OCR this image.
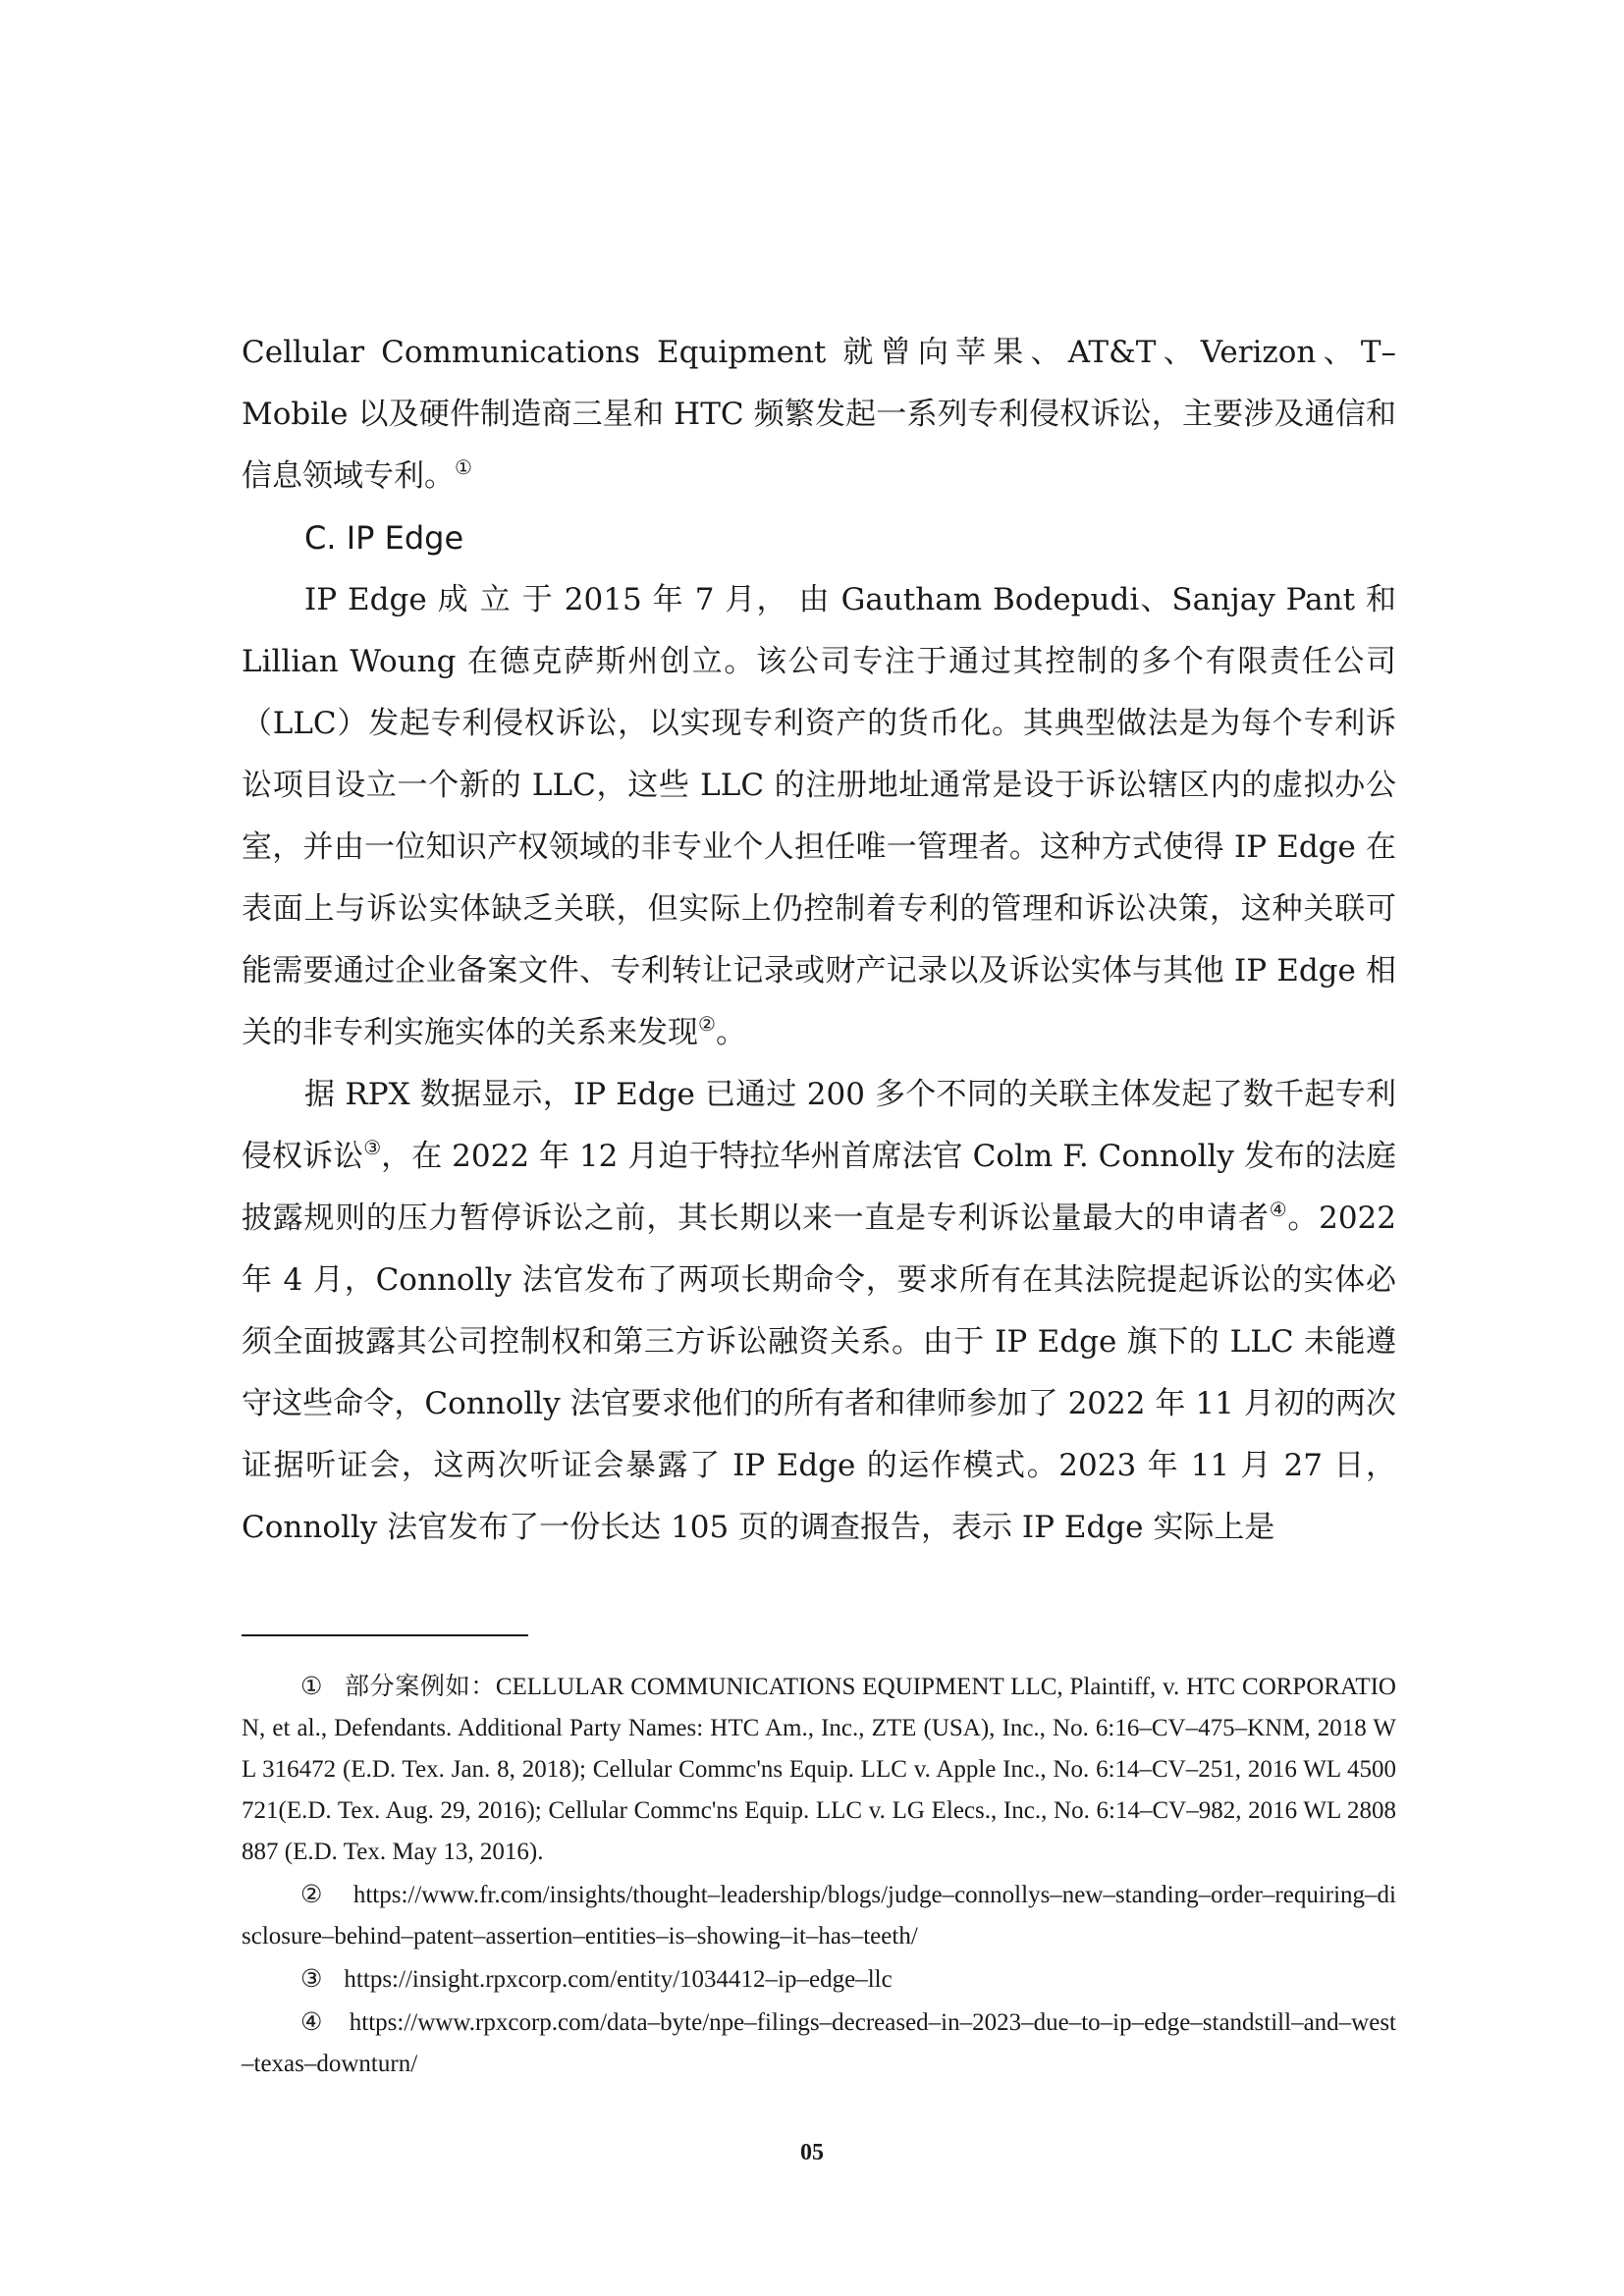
Cellular Communications Equipment 就曾向苹果、AT&T、Verizon、T–Mobile 以及硬件制造商三星和 HTC 频繁发起一系列专利侵权诉讼，主要涉及通信和信息领域专利。①

C. IP Edge

IP Edge 成 立 于 2015 年 7 月， 由 Gautham Bodepudi、Sanjay Pant 和 Lillian Woung 在德克萨斯州创立。该公司专注于通过其控制的多个有限责任公司（LLC）发起专利侵权诉讼，以实现专利资产的货币化。其典型做法是为每个专利诉讼项目设立一个新的 LLC，这些 LLC 的注册地址通常是设于诉讼辖区内的虚拟办公室，并由一位知识产权领域的非专业个人担任唯一管理者。这种方式使得 IP Edge 在表面上与诉讼实体缺乏关联，但实际上仍控制着专利的管理和诉讼决策，这种关联可能需要通过企业备案文件、专利转让记录或财产记录以及诉讼实体与其他 IP Edge 相关的非专利实施实体的关系来发现②。

据 RPX 数据显示，IP Edge 已通过 200 多个不同的关联主体发起了数千起专利侵权诉讼③，在 2022 年 12 月迫于特拉华州首席法官 Colm F. Connolly 发布的法庭披露规则的压力暂停诉讼之前，其长期以来一直是专利诉讼量最大的申请者④。2022 年 4 月，Connolly 法官发布了两项长期命令，要求所有在其法院提起诉讼的实体必须全面披露其公司控制权和第三方诉讼融资关系。由于 IP Edge 旗下的 LLC 未能遵守这些命令，Connolly 法官要求他们的所有者和律师参加了 2022 年 11 月初的两次证据听证会，这两次听证会暴露了 IP Edge 的运作模式。2023 年 11 月 27 日，Connolly 法官发布了一份长达 105 页的调查报告，表示 IP Edge 实际上是

① 部分案例如：CELLULAR COMMUNICATIONS EQUIPMENT LLC, Plaintiff, v. HTC CORPORATION, et al., Defendants. Additional Party Names: HTC Am., Inc., ZTE (USA), Inc., No. 6:16–CV–475–KNM, 2018 WL 316472 (E.D. Tex. Jan. 8, 2018); Cellular Commc'ns Equip. LLC v. Apple Inc., No. 6:14–CV–251, 2016 WL 4500721(E.D. Tex. Aug. 29, 2016); Cellular Commc'ns Equip. LLC v. LG Elecs., Inc., No. 6:14–CV–982, 2016 WL 2808887 (E.D. Tex. May 13, 2016).

② https://www.fr.com/insights/thought–leadership/blogs/judge–connollys–new–standing–order–requiring–disclosure–behind–patent–assertion–entities–is–showing–it–has–teeth/

③ https://insight.rpxcorp.com/entity/1034412–ip–edge–llc

④ https://www.rpxcorp.com/data–byte/npe–filings–decreased–in–2023–due–to–ip–edge–standstill–and–west–texas–downturn/

05
